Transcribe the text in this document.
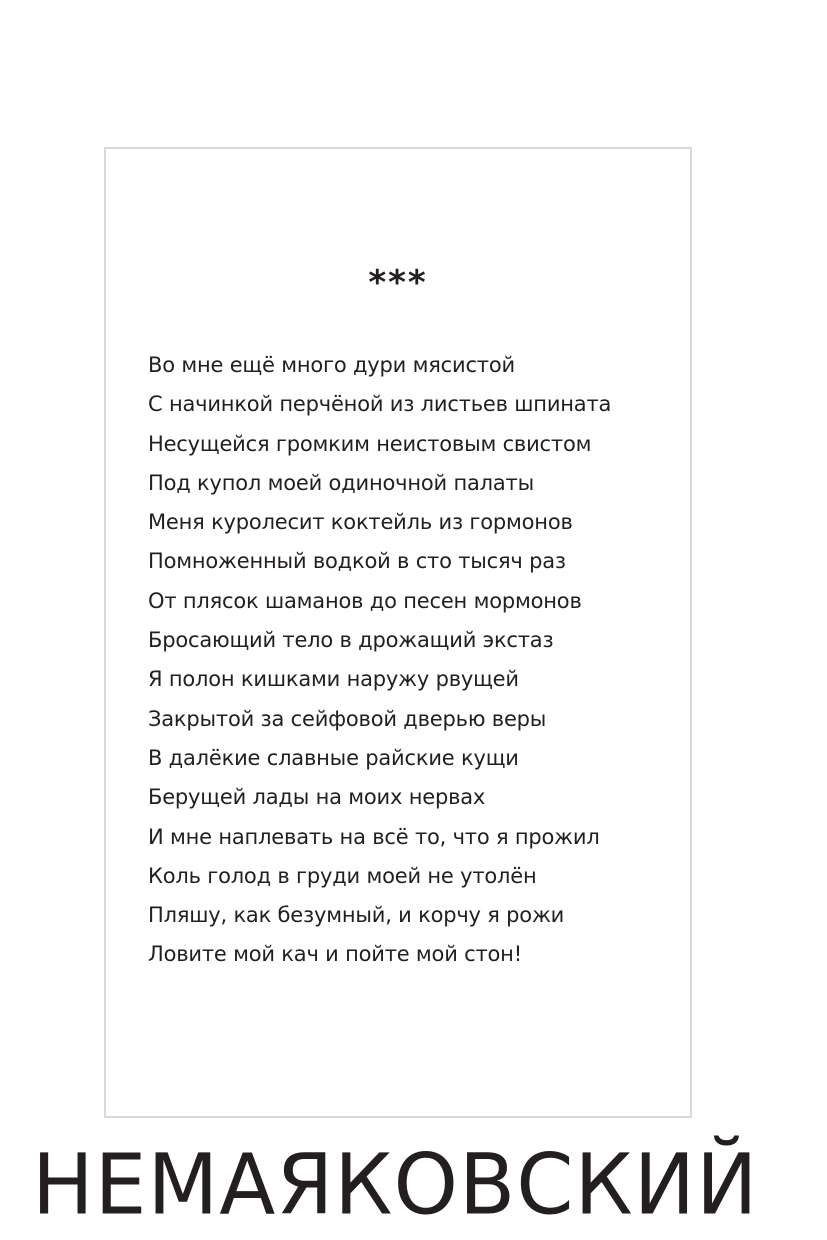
***
Во мне ещё много дури мясистой
С начинкой перчёной из листьев шпината
Несущейся громким неистовым свистом
Под купол моей одиночной палаты
Меня куролесит коктейль из гормонов
Помноженный водкой в сто тысяч раз
От плясок шаманов до песен мормонов
Бросающий тело в дрожащий экстаз
Я полон кишками наружу рвущей
Закрытой за сейфовой дверью веры
В далёкие славные райские кущи
Берущей лады на моих нервах
И мне наплевать на всё то, что я прожил
Коль голод в груди моей не утолён
Пляшу, как безумный, и корчу я рожи
Ловите мой кач и пойте мой стон!
НЕМАЯКОВСКИЙ
